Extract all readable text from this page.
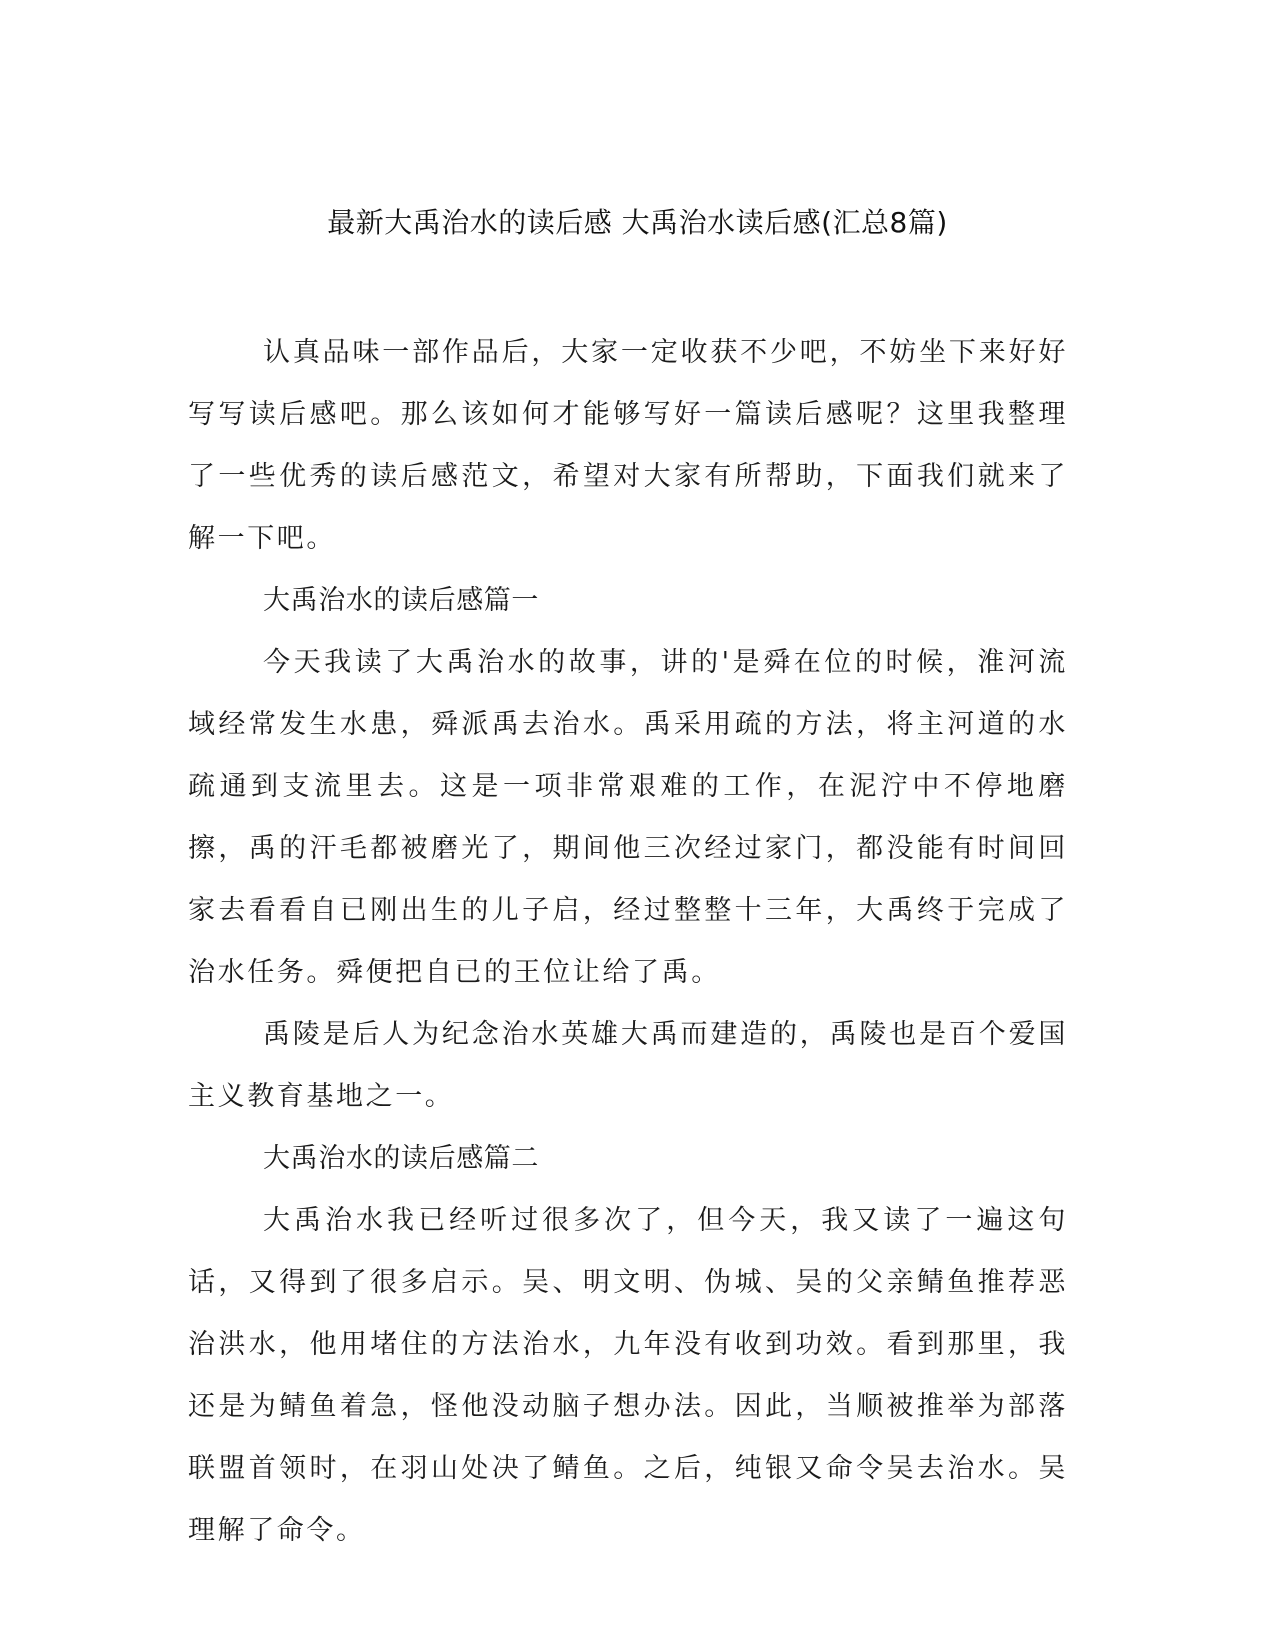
最新大禹治水的读后感 大禹治水读后感(汇总8篇)

认真品味一部作品后，大家一定收获不少吧，不妨坐下来好好写写读后感吧。那么该如何才能够写好一篇读后感呢？这里我整理了一些优秀的读后感范文，希望对大家有所帮助，下面我们就来了解一下吧。

大禹治水的读后感篇一

今天我读了大禹治水的故事，讲的'是舜在位的时候，淮河流域经常发生水患，舜派禹去治水。禹采用疏的方法，将主河道的水疏通到支流里去。这是一项非常艰难的工作，在泥泞中不停地磨擦，禹的汗毛都被磨光了，期间他三次经过家门，都没能有时间回家去看看自已刚出生的儿子启，经过整整十三年，大禹终于完成了治水任务。舜便把自已的王位让给了禹。

禹陵是后人为纪念治水英雄大禹而建造的，禹陵也是百个爱国主义教育基地之一。

大禹治水的读后感篇二

大禹治水我已经听过很多次了，但今天，我又读了一遍这句话，又得到了很多启示。吴、明文明、伪城、吴的父亲鲭鱼推荐恶治洪水，他用堵住的方法治水，九年没有收到功效。看到那里，我还是为鲭鱼着急，怪他没动脑子想办法。因此，当顺被推举为部落联盟首领时，在羽山处决了鲭鱼。之后，纯银又命令吴去治水。吴理解了命令。
